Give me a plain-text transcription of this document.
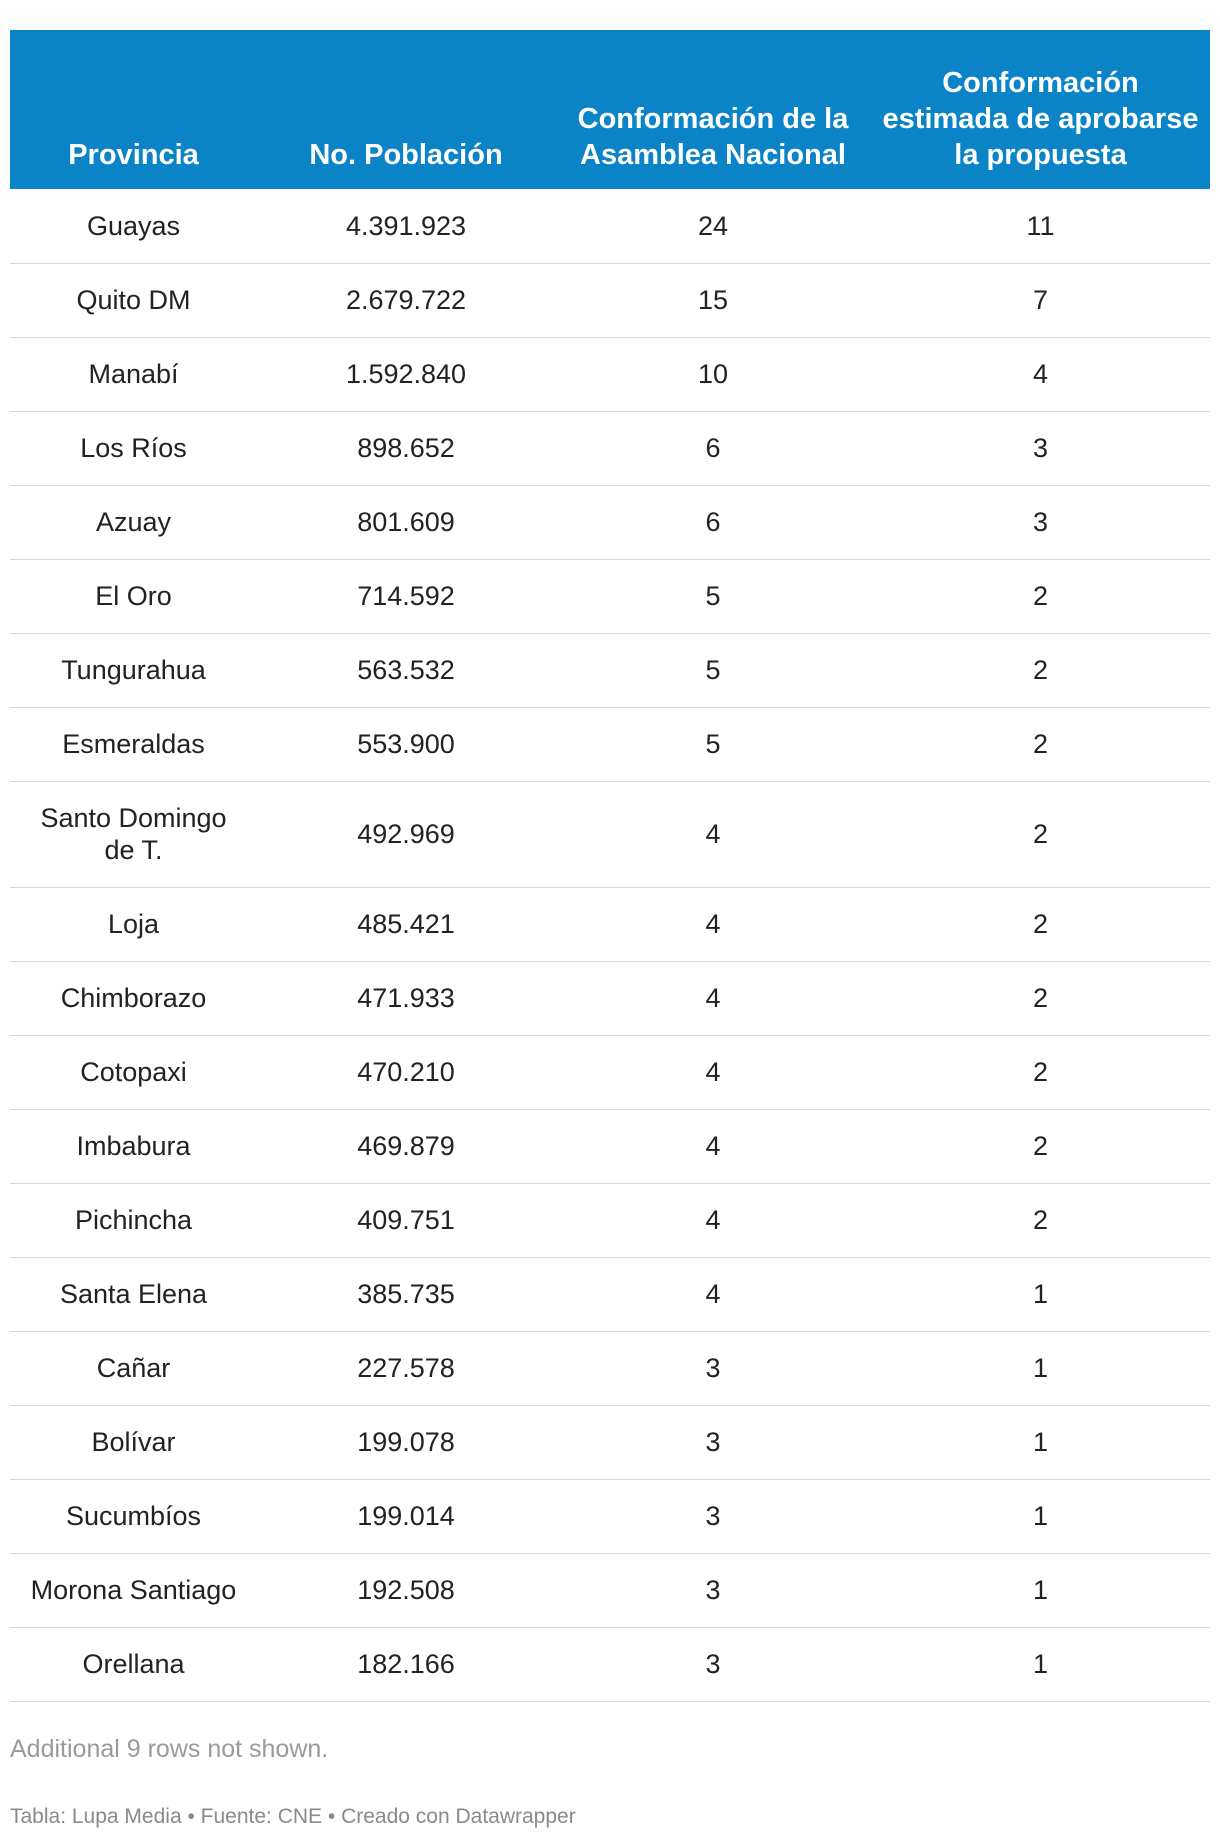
Provincia	No. Población	Conformación de la Asamblea Nacional	Conformación estimada de aprobarse la propuesta
Guayas	4.391.923	24	11
Quito DM	2.679.722	15	7
Manabí	1.592.840	10	4
Los Ríos	898.652	6	3
Azuay	801.609	6	3
El Oro	714.592	5	2
Tungurahua	563.532	5	2
Esmeraldas	553.900	5	2
Santo Domingo de T.	492.969	4	2
Loja	485.421	4	2
Chimborazo	471.933	4	2
Cotopaxi	470.210	4	2
Imbabura	469.879	4	2
Pichincha	409.751	4	2
Santa Elena	385.735	4	1
Cañar	227.578	3	1
Bolívar	199.078	3	1
Sucumbíos	199.014	3	1
Morona Santiago	192.508	3	1
Orellana	182.166	3	1
Additional 9 rows not shown.
Tabla: Lupa Media • Fuente: CNE • Creado con Datawrapper
